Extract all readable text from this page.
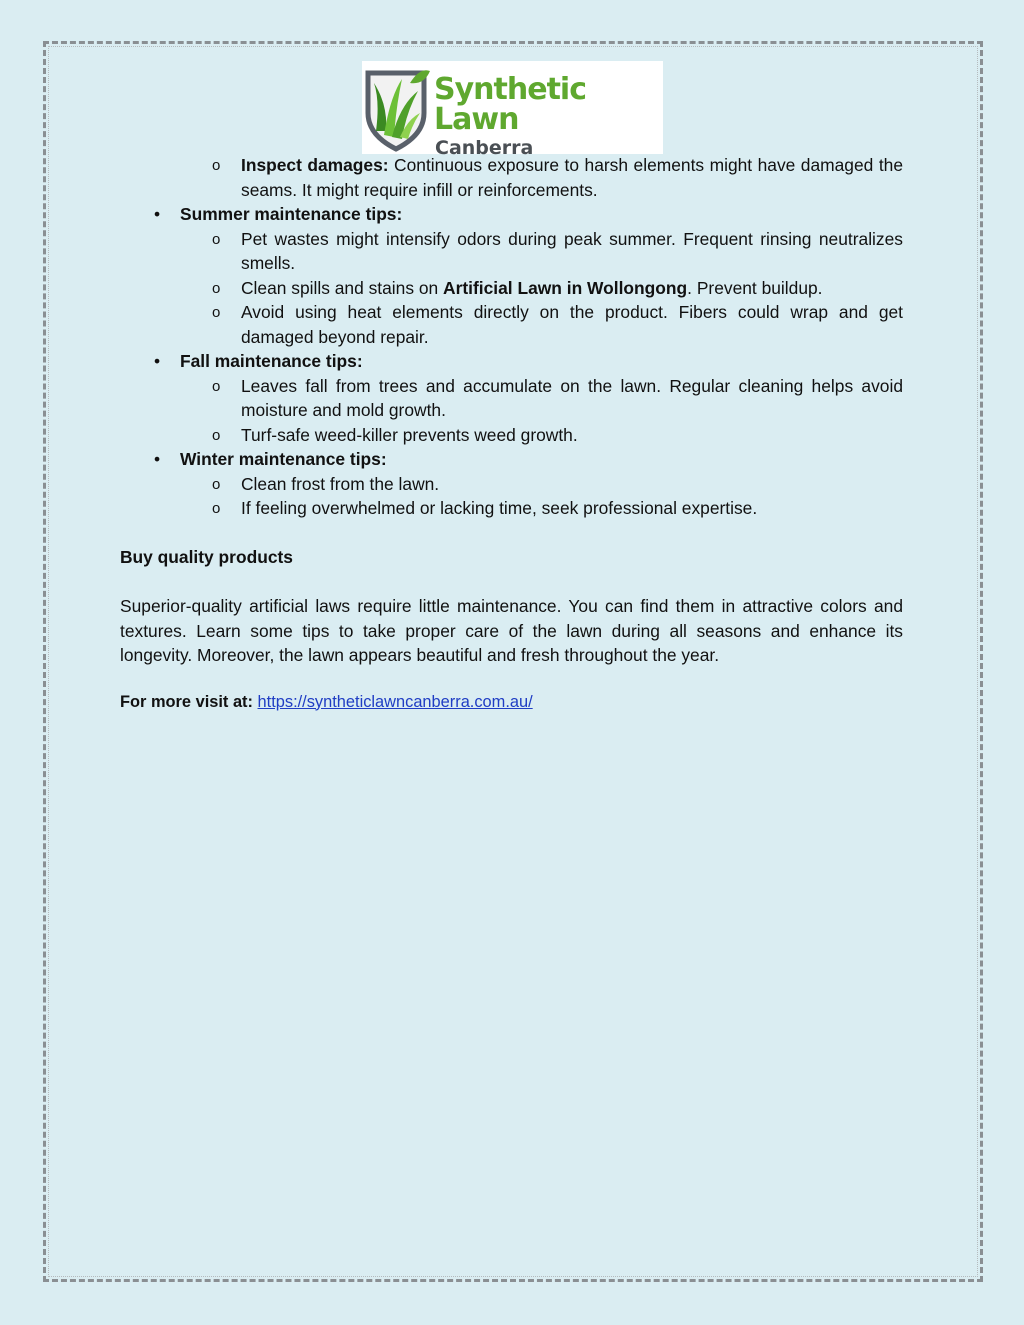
Synthetic Lawn
Canberra
o Inspect damages: Continuous exposure to harsh elements might have damaged the seams. It might require infill or reinforcements.
• Summer maintenance tips:
o Pet wastes might intensify odors during peak summer. Frequent rinsing neutralizes smells.
o Clean spills and stains on Artificial Lawn in Wollongong. Prevent buildup.
o Avoid using heat elements directly on the product. Fibers could wrap and get damaged beyond repair.
• Fall maintenance tips:
o Leaves fall from trees and accumulate on the lawn. Regular cleaning helps avoid moisture and mold growth.
o Turf-safe weed-killer prevents weed growth.
• Winter maintenance tips:
o Clean frost from the lawn.
o If feeling overwhelmed or lacking time, seek professional expertise.
Buy quality products
Superior-quality artificial laws require little maintenance. You can find them in attractive colors and textures. Learn some tips to take proper care of the lawn during all seasons and enhance its longevity. Moreover, the lawn appears beautiful and fresh throughout the year.
For more visit at: https://syntheticlawncanberra.com.au/
